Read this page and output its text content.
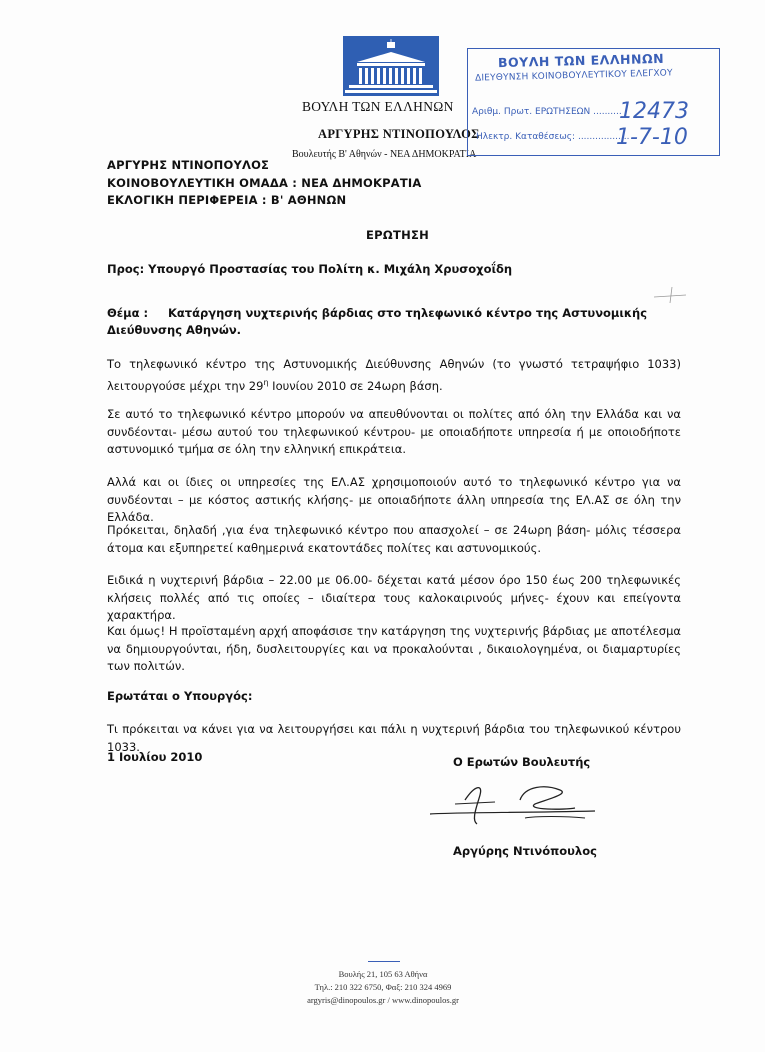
ΒΟΥΛΗ ΤΩΝ ΕΛΛΗΝΩΝ
ΑΡΓΥΡΗΣ ΝΤΙΝΟΠΟΥΛΟΣ
Βουλευτής Β' Αθηνών - ΝΕΑ ΔΗΜΟΚΡΑΤΙΑ
ΒΟΥΛΗ ΤΩΝ ΕΛΛΗΝΩΝ
ΔΙΕΥΘΥΝΣΗ ΚΟΙΝΟΒΟΥΛΕΥΤΙΚΟΥ ΕΛΕΓΧΟΥ
Αριθμ. Πρωτ. ΕΡΩΤΗΣΕΩΝ ..........
Ηλεκτρ. Καταθέσεως: ..................
12473
1-7-10
ΑΡΓΥΡΗΣ ΝΤΙΝΟΠΟΥΛΟΣ
ΚΟΙΝΟΒΟΥΛΕΥΤΙΚΗ ΟΜΑΔΑ : ΝΕΑ ΔΗΜΟΚΡΑΤΙΑ
ΕΚΛΟΓΙΚΗ ΠΕΡΙΦΕΡΕΙΑ : Β' ΑΘΗΝΩΝ
ΕΡΩΤΗΣΗ
Προς: Υπουργό Προστασίας του Πολίτη κ. Μιχάλη Χρυσοχοΐδη
Θέμα : Κατάργηση νυχτερινής βάρδιας στο τηλεφωνικό κέντρο της Αστυνομικής Διεύθυνσης Αθηνών.
Το τηλεφωνικό κέντρο της Αστυνομικής Διεύθυνσης Αθηνών (το γνωστό τετραψήφιο 1033) λειτουργούσε μέχρι την $29^\eta$ Ιουνίου 2010 σε 24ωρη βάση.
Σε αυτό το τηλεφωνικό κέντρο μπορούν να απευθύνονται οι πολίτες από όλη την Ελλάδα και να συνδέονται- μέσω αυτού του τηλεφωνικού κέντρου- με οποιαδήποτε υπηρεσία ή με οποιοδήποτε αστυνομικό τμήμα σε όλη την ελληνική επικράτεια.
Αλλά και οι ίδιες οι υπηρεσίες της ΕΛ.ΑΣ χρησιμοποιούν αυτό το τηλεφωνικό κέντρο για να συνδέονται – με κόστος αστικής κλήσης- με οποιαδήποτε άλλη υπηρεσία της ΕΛ.ΑΣ σε όλη την Ελλάδα.
Πρόκειται, δηλαδή ,για ένα τηλεφωνικό κέντρο που απασχολεί – σε 24ωρη βάση- μόλις τέσσερα άτομα και εξυπηρετεί καθημερινά εκατοντάδες πολίτες και αστυνομικούς.
Ειδικά η νυχτερινή βάρδια – 22.00 με 06.00- δέχεται κατά μέσον όρο 150 έως 200 τηλεφωνικές κλήσεις πολλές από τις οποίες – ιδιαίτερα τους καλοκαιρινούς μήνες- έχουν και επείγοντα χαρακτήρα.
Και όμως! Η προϊσταμένη αρχή αποφάσισε την κατάργηση της νυχτερινής βάρδιας με αποτέλεσμα να δημιουργούνται, ήδη, δυσλειτουργίες και να προκαλούνται , δικαιολογημένα, οι διαμαρτυρίες των πολιτών.
Ερωτάται ο Υπουργός:
Τι πρόκειται να κάνει για να λειτουργήσει και πάλι η νυχτερινή βάρδια του τηλεφωνικού κέντρου 1033.
1 Ιουλίου 2010	Ο Ερωτών Βουλευτής
Αργύρης Ντινόπουλος
Βουλής 21, 105 63 Αθήνα
Τηλ.: 210 322 6750, Φαξ: 210 324 4969
argyris@dinopoulos.gr / www.dinopoulos.gr
